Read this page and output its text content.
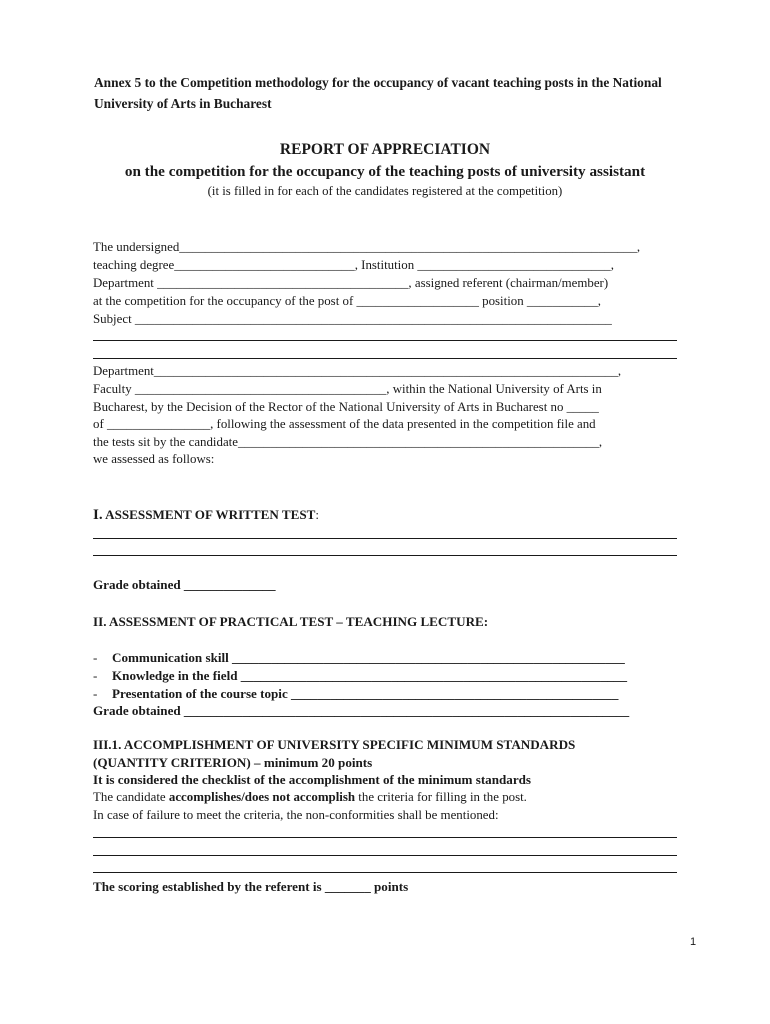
Annex 5 to the Competition methodology for the occupancy of vacant teaching posts in the National University of Arts in Bucharest
REPORT OF APPRECIATION
on the competition for the occupancy of the teaching posts of university assistant
(it is filled in for each of the candidates registered at the competition)
The undersigned_______________________________________________________________________,
teaching degree____________________________, Institution ______________________________,
Department _______________________________________, assigned referent (chairman/member)
at the competition for the occupancy of the post of ___________________ position ___________,
Subject __________________________________________________________________________
Department________________________________________________________________________,
Faculty _______________________________________, within the National University of Arts in
Bucharest, by the Decision of the Rector of the National University of Arts in Bucharest no _____
of ________________, following the assessment of the data presented in the competition file and
the tests sit by the candidate________________________________________________________,
we assessed as follows:
I. ASSESSMENT OF WRITTEN TEST:
Grade obtained ______________
II. ASSESSMENT OF PRACTICAL TEST – TEACHING LECTURE:
- Communication skill ____________________________________________________________
- Knowledge in the field ___________________________________________________________
- Presentation of the course topic __________________________________________________
Grade obtained ____________________________________________________________________
III.1. ACCOMPLISHMENT OF UNIVERSITY SPECIFIC MINIMUM STANDARDS
(QUANTITY CRITERION) – minimum 20 points
It is considered the checklist of the accomplishment of the minimum standards
The candidate accomplishes/does not accomplish the criteria for filling in the post.
In case of failure to meet the criteria, the non-conformities shall be mentioned:
The scoring established by the referent is _______ points
1
